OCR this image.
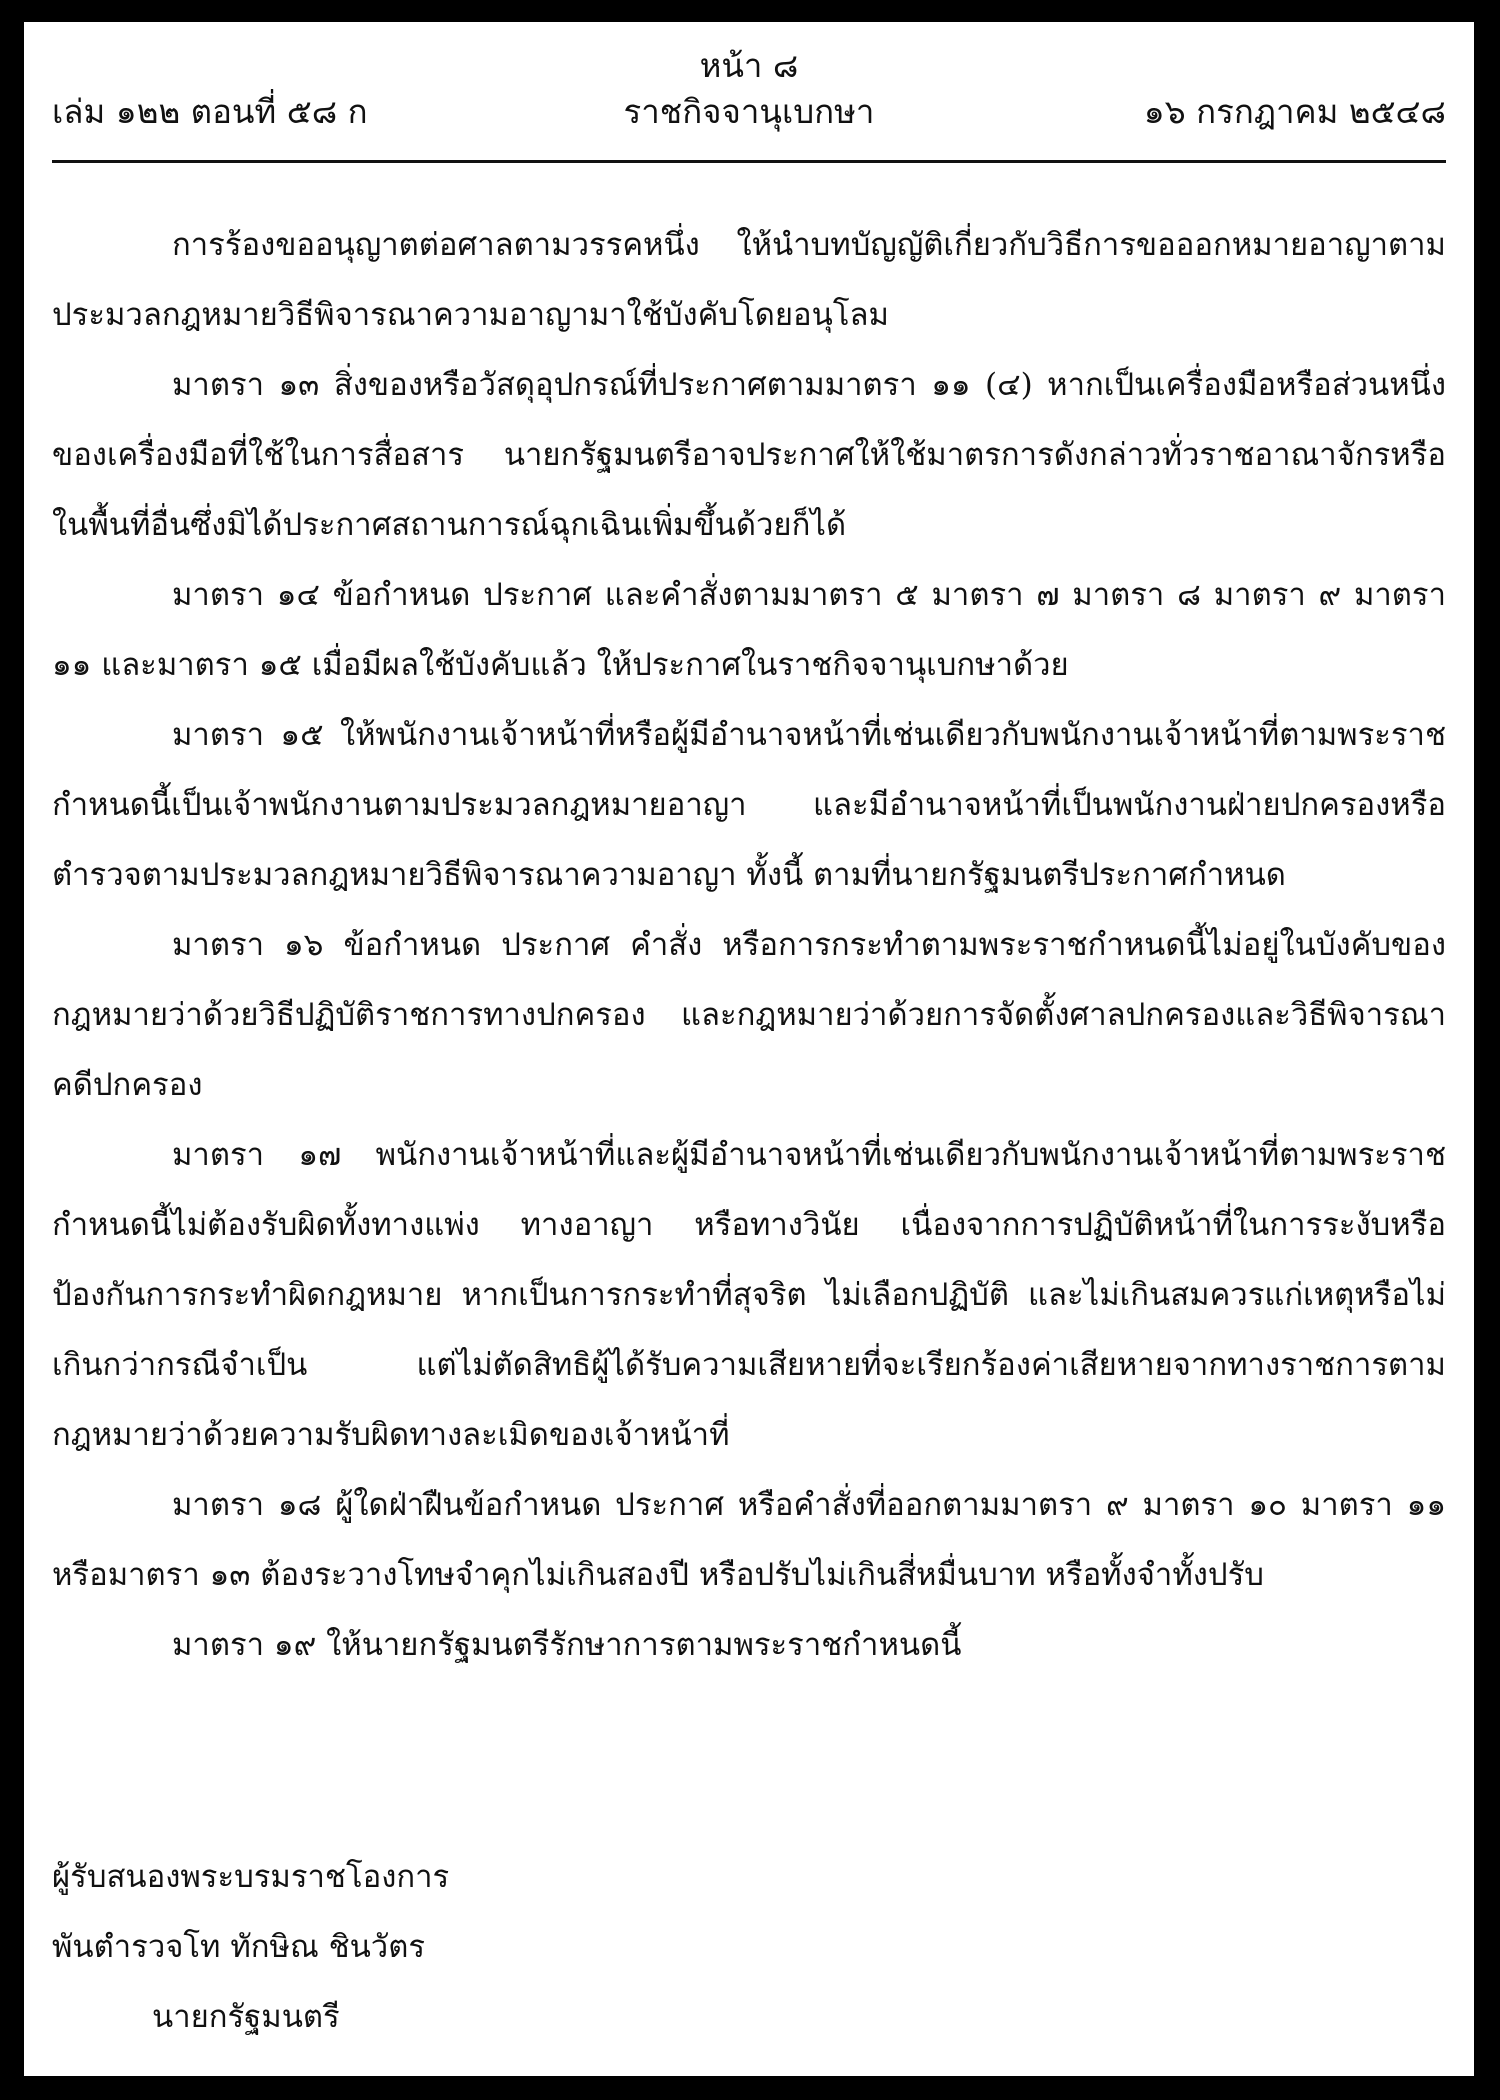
หน้า ๘
เล่ม ๑๒๒ ตอนที่ ๕๘ ก	ราชกิจจานุเบกษา	๑๖ กรกฎาคม ๒๕๔๘

การร้องขออนุญาตต่อศาลตามวรรคหนึ่ง ให้นำบทบัญญัติเกี่ยวกับวิธีการขอออกหมายอาญาตามประมวลกฎหมายวิธีพิจารณาความอาญามาใช้บังคับโดยอนุโลม

มาตรา ๑๓ สิ่งของหรือวัสดุอุปกรณ์ที่ประกาศตามมาตรา ๑๑ (๔) หากเป็นเครื่องมือหรือส่วนหนึ่งของเครื่องมือที่ใช้ในการสื่อสาร นายกรัฐมนตรีอาจประกาศให้ใช้มาตรการดังกล่าวทั่วราชอาณาจักรหรือในพื้นที่อื่นซึ่งมิได้ประกาศสถานการณ์ฉุกเฉินเพิ่มขึ้นด้วยก็ได้

มาตรา ๑๔ ข้อกำหนด ประกาศ และคำสั่งตามมาตรา ๕ มาตรา ๗ มาตรา ๘ มาตรา ๙ มาตรา ๑๑ และมาตรา ๑๕ เมื่อมีผลใช้บังคับแล้ว ให้ประกาศในราชกิจจานุเบกษาด้วย

มาตรา ๑๕ ให้พนักงานเจ้าหน้าที่หรือผู้มีอำนาจหน้าที่เช่นเดียวกับพนักงานเจ้าหน้าที่ตามพระราชกำหนดนี้เป็นเจ้าพนักงานตามประมวลกฎหมายอาญา และมีอำนาจหน้าที่เป็นพนักงานฝ่ายปกครองหรือตำรวจตามประมวลกฎหมายวิธีพิจารณาความอาญา ทั้งนี้ ตามที่นายกรัฐมนตรีประกาศกำหนด

มาตรา ๑๖ ข้อกำหนด ประกาศ คำสั่ง หรือการกระทำตามพระราชกำหนดนี้ไม่อยู่ในบังคับของกฎหมายว่าด้วยวิธีปฏิบัติราชการทางปกครอง และกฎหมายว่าด้วยการจัดตั้งศาลปกครองและวิธีพิจารณาคดีปกครอง

มาตรา ๑๗ พนักงานเจ้าหน้าที่และผู้มีอำนาจหน้าที่เช่นเดียวกับพนักงานเจ้าหน้าที่ตามพระราชกำหนดนี้ไม่ต้องรับผิดทั้งทางแพ่ง ทางอาญา หรือทางวินัย เนื่องจากการปฏิบัติหน้าที่ในการระงับหรือป้องกันการกระทำผิดกฎหมาย หากเป็นการกระทำที่สุจริต ไม่เลือกปฏิบัติ และไม่เกินสมควรแก่เหตุหรือไม่เกินกว่ากรณีจำเป็น แต่ไม่ตัดสิทธิผู้ได้รับความเสียหายที่จะเรียกร้องค่าเสียหายจากทางราชการตามกฎหมายว่าด้วยความรับผิดทางละเมิดของเจ้าหน้าที่

มาตรา ๑๘ ผู้ใดฝ่าฝืนข้อกำหนด ประกาศ หรือคำสั่งที่ออกตามมาตรา ๙ มาตรา ๑๐ มาตรา ๑๑ หรือมาตรา ๑๓ ต้องระวางโทษจำคุกไม่เกินสองปี หรือปรับไม่เกินสี่หมื่นบาท หรือทั้งจำทั้งปรับ

มาตรา ๑๙ ให้นายกรัฐมนตรีรักษาการตามพระราชกำหนดนี้

ผู้รับสนองพระบรมราชโองการ

พันตำรวจโท ทักษิณ ชินวัตร

นายกรัฐมนตรี
